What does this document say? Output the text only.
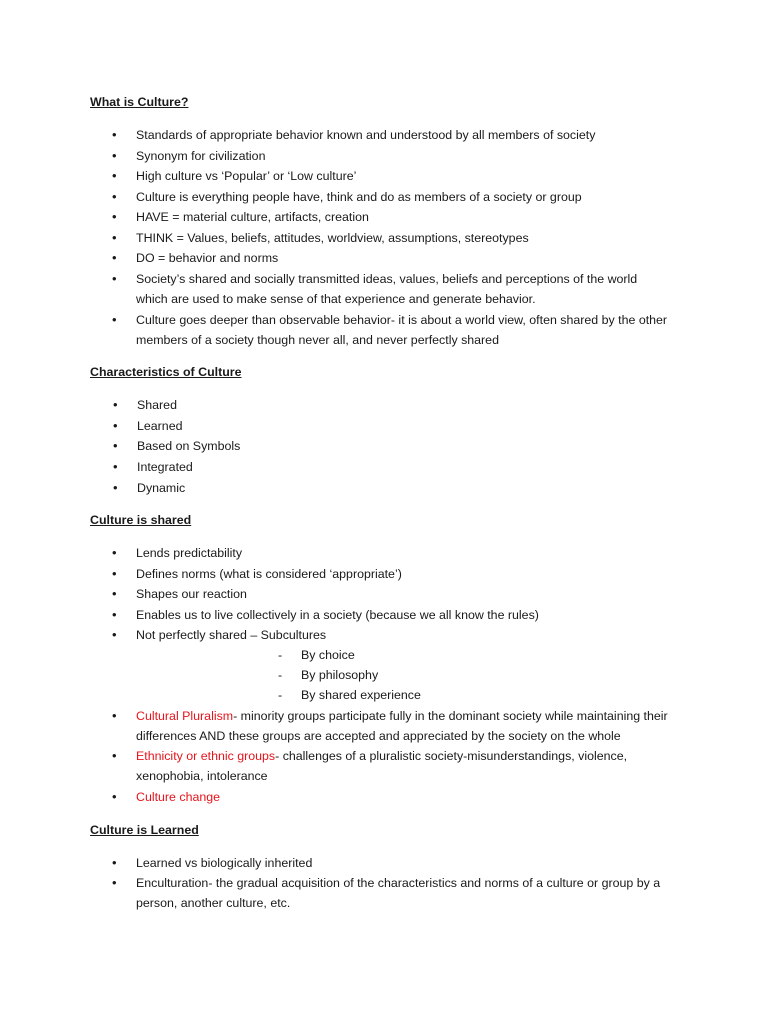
What is Culture?
• Standards of appropriate behavior known and understood by all members of society
• Synonym for civilization
• High culture vs ‘Popular’ or ‘Low culture’
• Culture is everything people have, think and do as members of a society or group
• HAVE = material culture, artifacts, creation
• THINK = Values, beliefs, attitudes, worldview, assumptions, stereotypes
• DO = behavior and norms
• Society’s shared and socially transmitted ideas, values, beliefs and perceptions of the world which are used to make sense of that experience and generate behavior.
• Culture goes deeper than observable behavior- it is about a world view, often shared by the other members of a society though never all, and never perfectly shared
Characteristics of Culture
• Shared
• Learned
• Based on Symbols
• Integrated
• Dynamic
Culture is shared
• Lends predictability
• Defines norms (what is considered ‘appropriate’)
• Shapes our reaction
• Enables us to live collectively in a society (because we all know the rules)
• Not perfectly shared – Subcultures
- By choice
- By philosophy
- By shared experience
• Cultural Pluralism- minority groups participate fully in the dominant society while maintaining their differences AND these groups are accepted and appreciated by the society on the whole
• Ethnicity or ethnic groups- challenges of a pluralistic society-misunderstandings, violence, xenophobia, intolerance
• Culture change
Culture is Learned
• Learned vs biologically inherited
• Enculturation- the gradual acquisition of the characteristics and norms of a culture or group by a person, another culture, etc.
